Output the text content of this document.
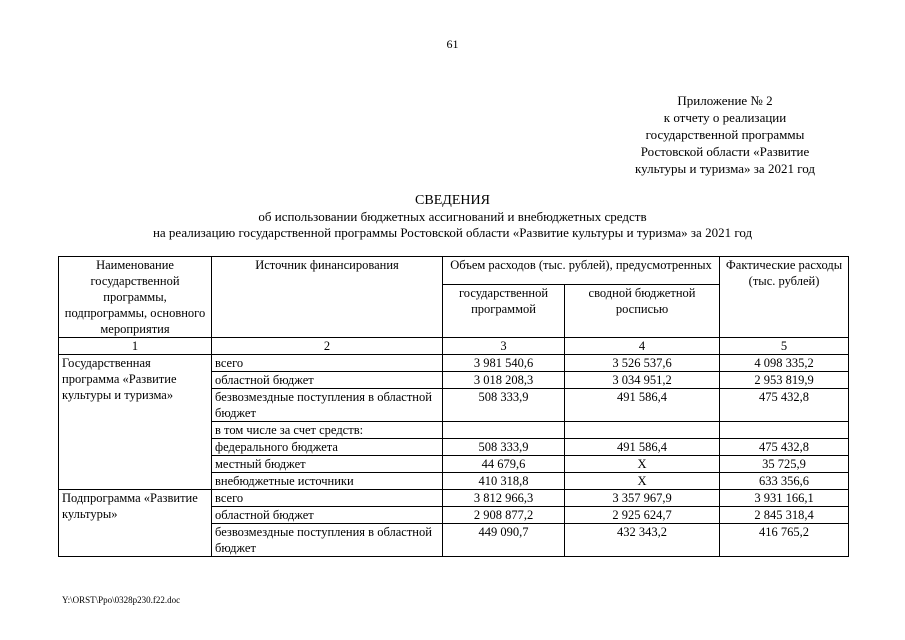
61
Приложение № 2
к отчету о реализации
государственной программы
Ростовской области «Развитие
культуры и туризма» за 2021 год
СВЕДЕНИЯ
об использовании бюджетных ассигнований и внебюджетных средств
на реализацию государственной программы Ростовской области «Развитие культуры и туризма» за 2021 год
Наименование государственной программы, подпрограммы, основного мероприятия	Источник финансирования	Объем расходов (тыс. рублей), предусмотренных		Фактические расходы (тыс. рублей)
		государственной программой	сводной бюджетной росписью	
1	2	3	4	5
Государственная программа «Развитие культуры и туризма»	всего	3 981 540,6	3 526 537,6	4 098 335,2
	областной бюджет	3 018 208,3	3 034 951,2	2 953 819,9
	безвозмездные поступления в областной бюджет	508 333,9	491 586,4	475 432,8
	в том числе за счет средств:			
	федерального бюджета	508 333,9	491 586,4	475 432,8
	местный бюджет	44 679,6	X	35 725,9
	внебюджетные источники	410 318,8	X	633 356,6
Подпрограмма «Развитие культуры»	всего	3 812 966,3	3 357 967,9	3 931 166,1
	областной бюджет	2 908 877,2	2 925 624,7	2 845 318,4
	безвозмездные поступления в областной бюджет	449 090,7	432 343,2	416 765,2
Y:\ORST\Ppo\0328p230.f22.doc
